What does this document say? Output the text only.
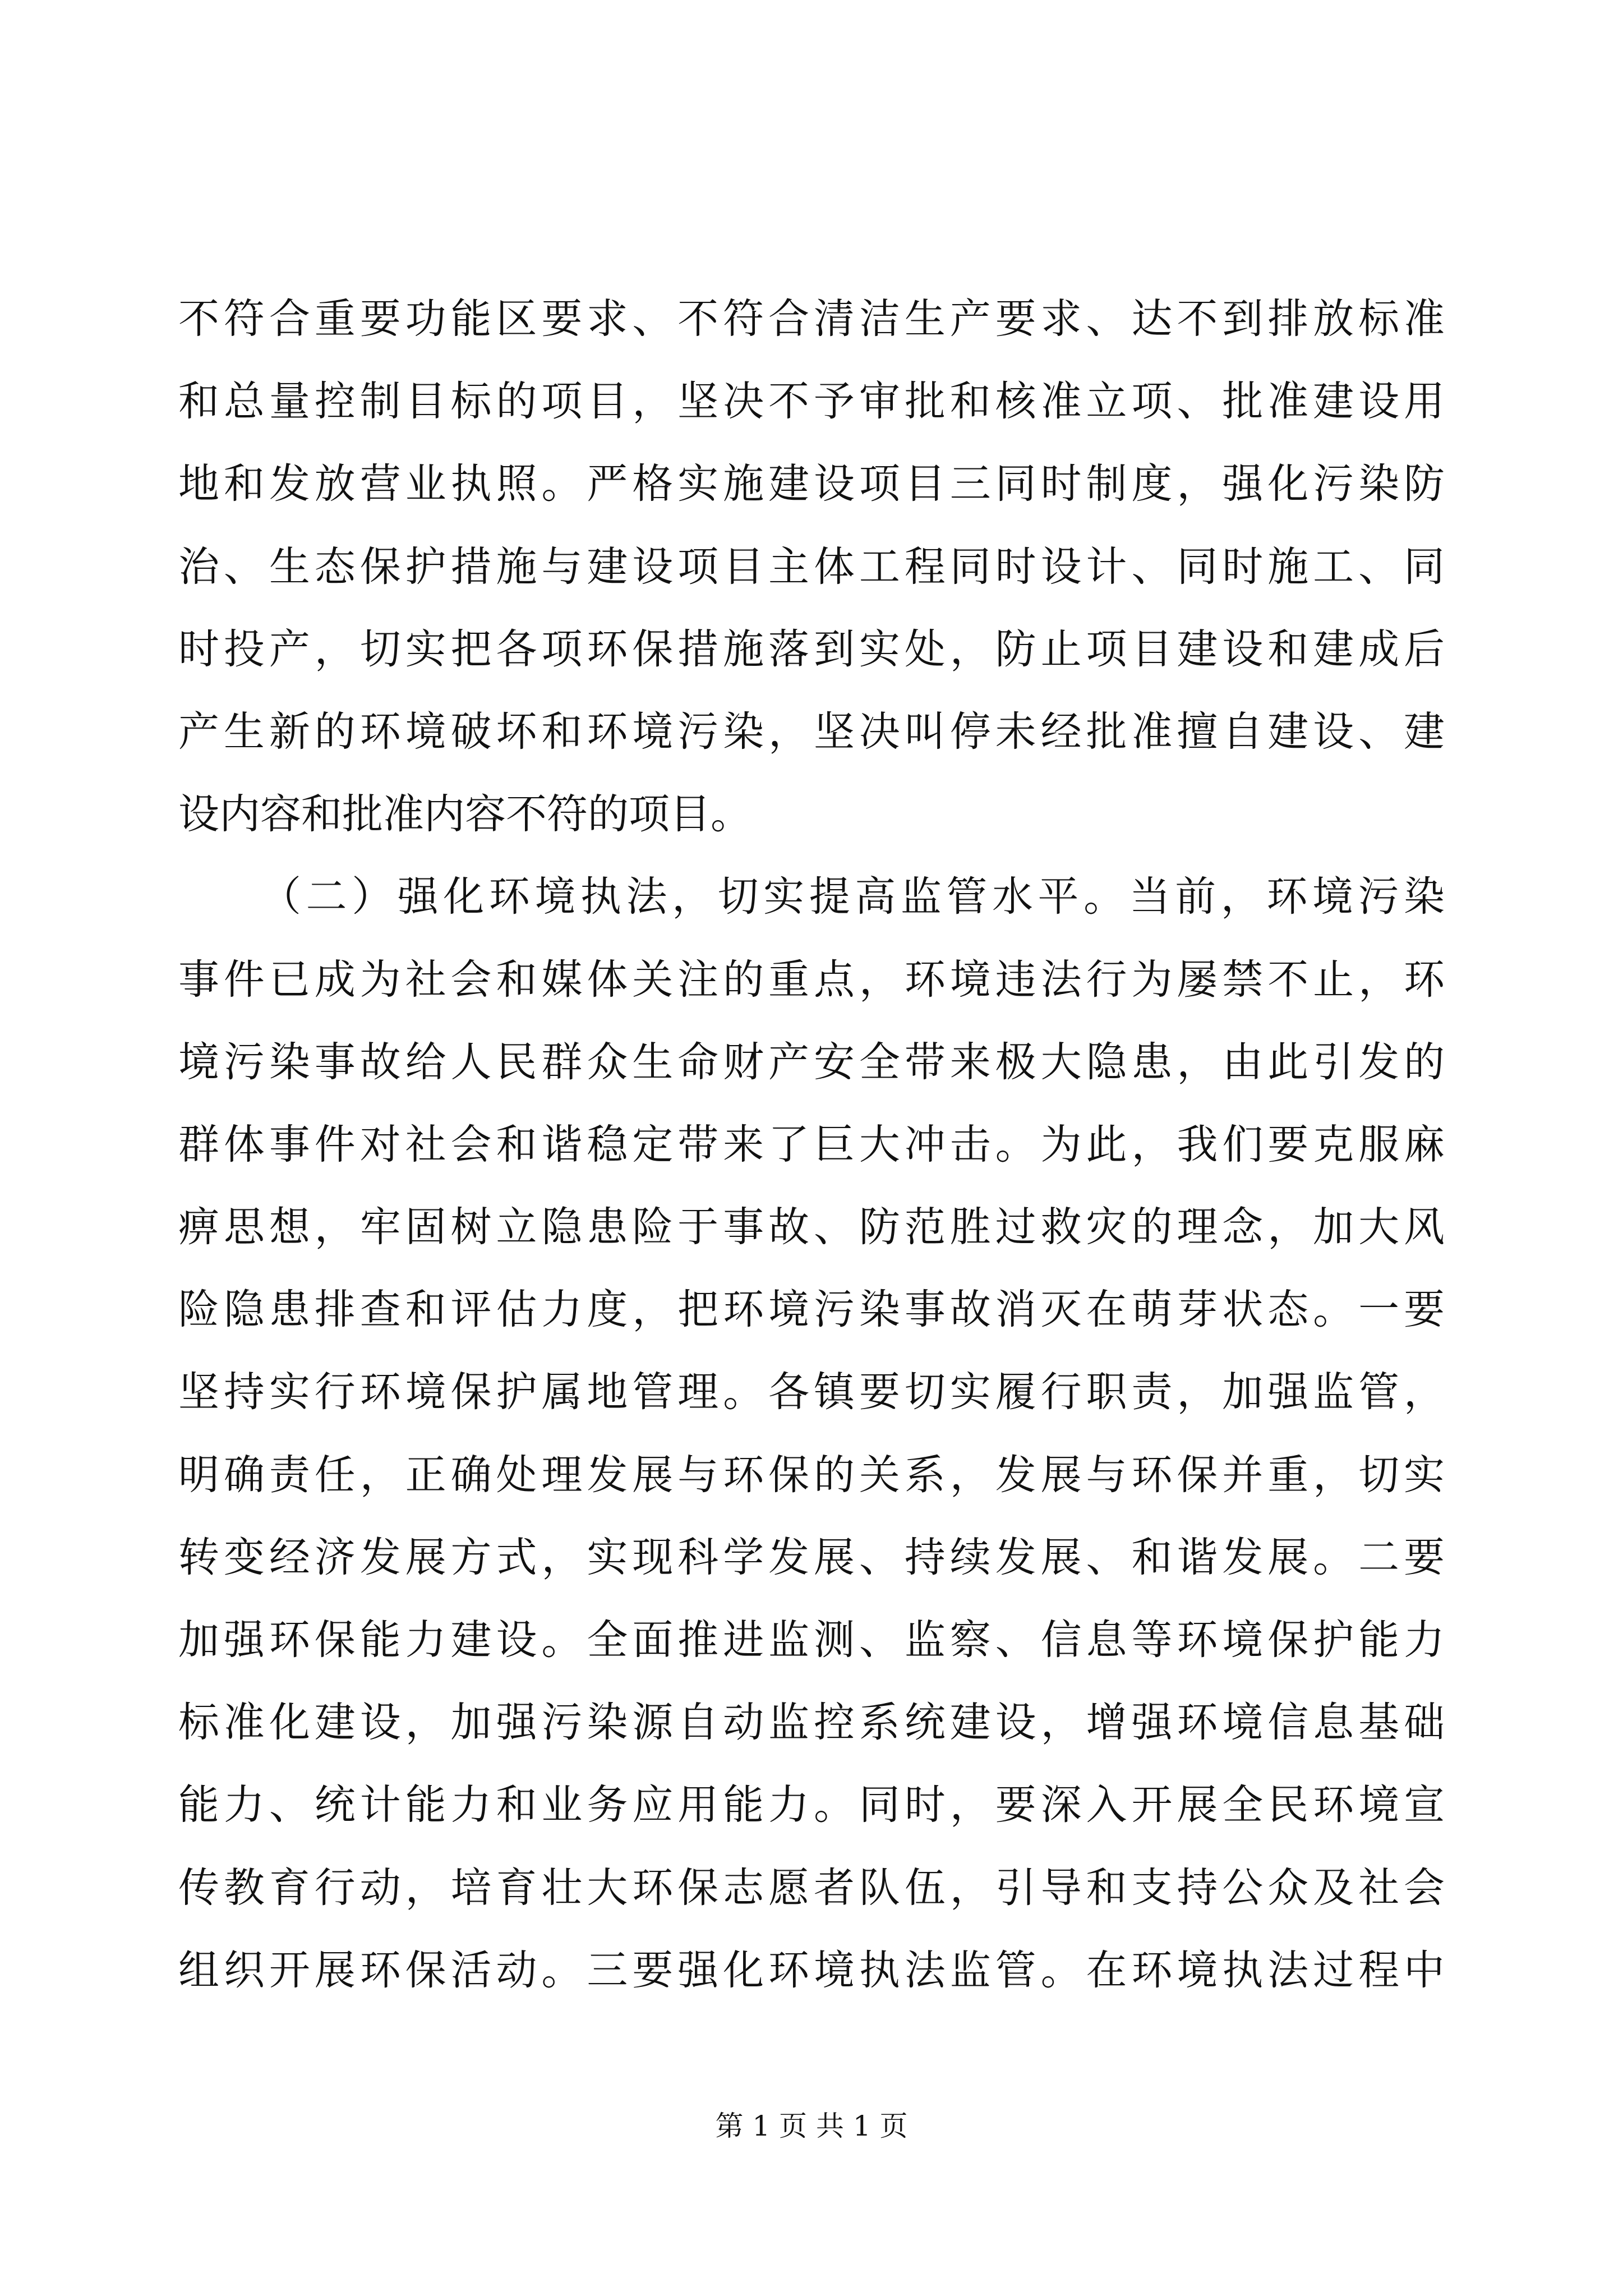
不符合重要功能区要求、不符合清洁生产要求、达不到排放标准
和总量控制目标的项目，坚决不予审批和核准立项、批准建设用
地和发放营业执照。严格实施建设项目三同时制度，强化污染防
治、生态保护措施与建设项目主体工程同时设计、同时施工、同
时投产，切实把各项环保措施落到实处，防止项目建设和建成后
产生新的环境破坏和环境污染，坚决叫停未经批准擅自建设、建
设内容和批准内容不符的项目。
（二）强化环境执法，切实提高监管水平。当前，环境污染
事件已成为社会和媒体关注的重点，环境违法行为屡禁不止，环
境污染事故给人民群众生命财产安全带来极大隐患，由此引发的
群体事件对社会和谐稳定带来了巨大冲击。为此，我们要克服麻
痹思想，牢固树立隐患险于事故、防范胜过救灾的理念，加大风
险隐患排查和评估力度，把环境污染事故消灭在萌芽状态。一要
坚持实行环境保护属地管理。各镇要切实履行职责，加强监管，
明确责任，正确处理发展与环保的关系，发展与环保并重，切实
转变经济发展方式，实现科学发展、持续发展、和谐发展。二要
加强环保能力建设。全面推进监测、监察、信息等环境保护能力
标准化建设，加强污染源自动监控系统建设，增强环境信息基础
能力、统计能力和业务应用能力。同时，要深入开展全民环境宣
传教育行动，培育壮大环保志愿者队伍，引导和支持公众及社会
组织开展环保活动。三要强化环境执法监管。在环境执法过程中
第 1 页 共 1 页
